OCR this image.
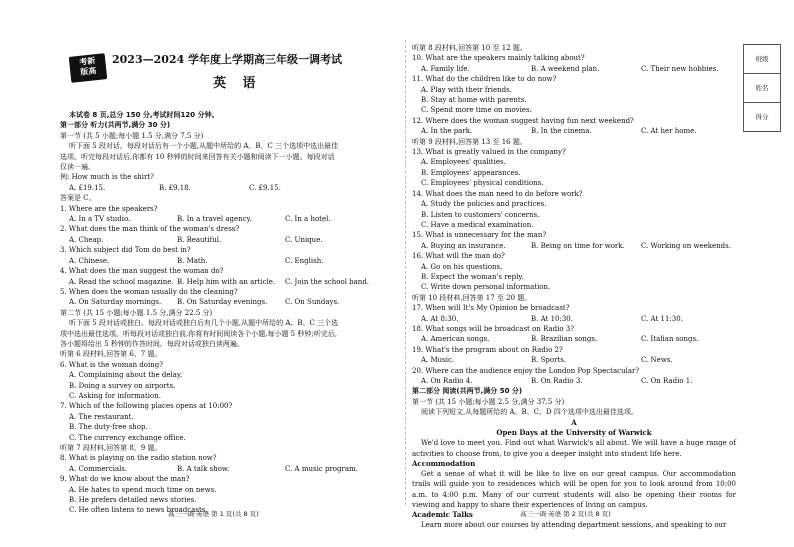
考新
版高
2023—2024 学年度上学期高三年级一调考试
英 语
本试卷 8 页,总分 150 分,考试时间120 分钟。
第一部分 听力(共两节,满分 30 分)
第一节 (共 5 小题;每小题 1.5 分,满分 7.5 分)
听下面 5 段对话。每段对话后有一个小题,从题中所给的 A、B、C 三个选项中选出最佳
选项。听完每段对话后,你都有 10 秒钟的时间来回答有关小题和阅读下一小题。每段对话
仅读一遍。
例: How much is the shirt?
A. £19.15.	B. £9.18.	C. £9.15.
答案是 C。
1. Where are the speakers?
A. In a TV studio.	B. In a travel agency.	C. In a hotel.
2. What does the man think of the woman's dress?
A. Cheap.	B. Beautiful.	C. Unique.
3. Which subject did Tom do best in?
A. Chinese.	B. Math.	C. English.
4. What does the man suggest the woman do?
A. Read the school magazine. B. Help him with an article.	C. Join the school band.
5. When does the woman usually do the cleaning?
A. On Saturday mornings.	B. On Saturday evenings.	C. On Sundays.
第二节 (共 15 小题;每小题 1.5 分,满分 22.5 分)
听下面 5 段对话或独白。每段对话或独白后有几个小题,从题中所给的 A、B、C 三个选
项中选出最佳选项。听每段对话或独白前,你将有时间阅读各个小题,每小题 5 秒钟;听完后,
各小题将给出 5 秒钟的作答时间。每段对话或独白读两遍。
听第 6 段材料,回答第 6、7 题。
6. What is the woman doing?
A. Complaining about the delay.
B. Doing a survey on airports.
C. Asking for information.
7. Which of the following places opens at 10:00?
A. The restaurant.
B. The duty-free shop.
C. The currency exchange office.
听第 7 段材料,回答第 8、9 题。
8. What is playing on the radio station now?
A. Commercials.	B. A talk show.	C. A music program.
9. What do we know about the man?
A. He hates to spend much time on news.
B. He prefers detailed news stories.
C. He often listens to news broadcasts.
高三一调·英语 第 1 页(共 8 页)
听第 8 段材料,回答第 10 至 12 题。
10. What are the speakers mainly talking about?
A. Family life.	B. A weekend plan.	C. Their new hobbies.
11. What do the children like to do now?
A. Play with their friends.
B. Stay at home with parents.
C. Spend more time on movies.
12. Where does the woman suggest having fun next weekend?
A. In the park.	B. In the cinema.	C. At her home.
听第 9 段材料,回答第 13 至 16 题。
13. What is greatly valued in the company?
A. Employees' qualities.
B. Employees' appearances.
C. Employees' physical conditions.
14. What does the man need to do before work?
A. Study the policies and practices.
B. Listen to customers' concerns.
C. Have a medical examination.
15. What is unnecessary for the man?
A. Buying an insurance.	B. Being on time for work.	C. Working on weekends.
16. What will the man do?
A. Go on his questions.
B. Expect the woman's reply.
C. Write down personal information.
听第 10 段材料,回答第 17 至 20 题。
17. When will It's My Opinion be broadcast?
A. At 8:30.	B. At 10:30.	C. At 11:30.
18. What songs will be broadcast on Radio 3?
A. American songs.	B. Brazilian songs.	C. Italian songs.
19. What's the program about on Radio 2?
A. Music.	B. Sports.	C. News.
20. Where can the audience enjoy the London Pop Spectacular?
A. On Radio 4.	B. On Radio 3.	C. On Radio 1.
第二部分 阅读(共两节,满分 50 分)
第一节 (共 15 小题;每小题 2.5 分,满分 37.5 分)
阅读下列短文,从每题所给的 A、B、C、D 四个选项中选出最佳选项。
A
Open Days at the University of Warwick
We'd love to meet you. Find out what Warwick's all about. We will have a huge range of activities to choose from, to give you a deeper insight into student life here.
Accommodation
Get a sense of what it will be like to live on our great campus. Our accommodation trails will guide you to residences which will be open for you to look around from 10:00 a.m. to 4:00 p.m. Many of our current students will also be opening their rooms for viewing and happy to share their experiences of living on campus.
Academic Talks
Learn more about our courses by attending department sessions, and speaking to our
高三一调·英语 第 2 页(共 8 页)
班级
姓名
得分
